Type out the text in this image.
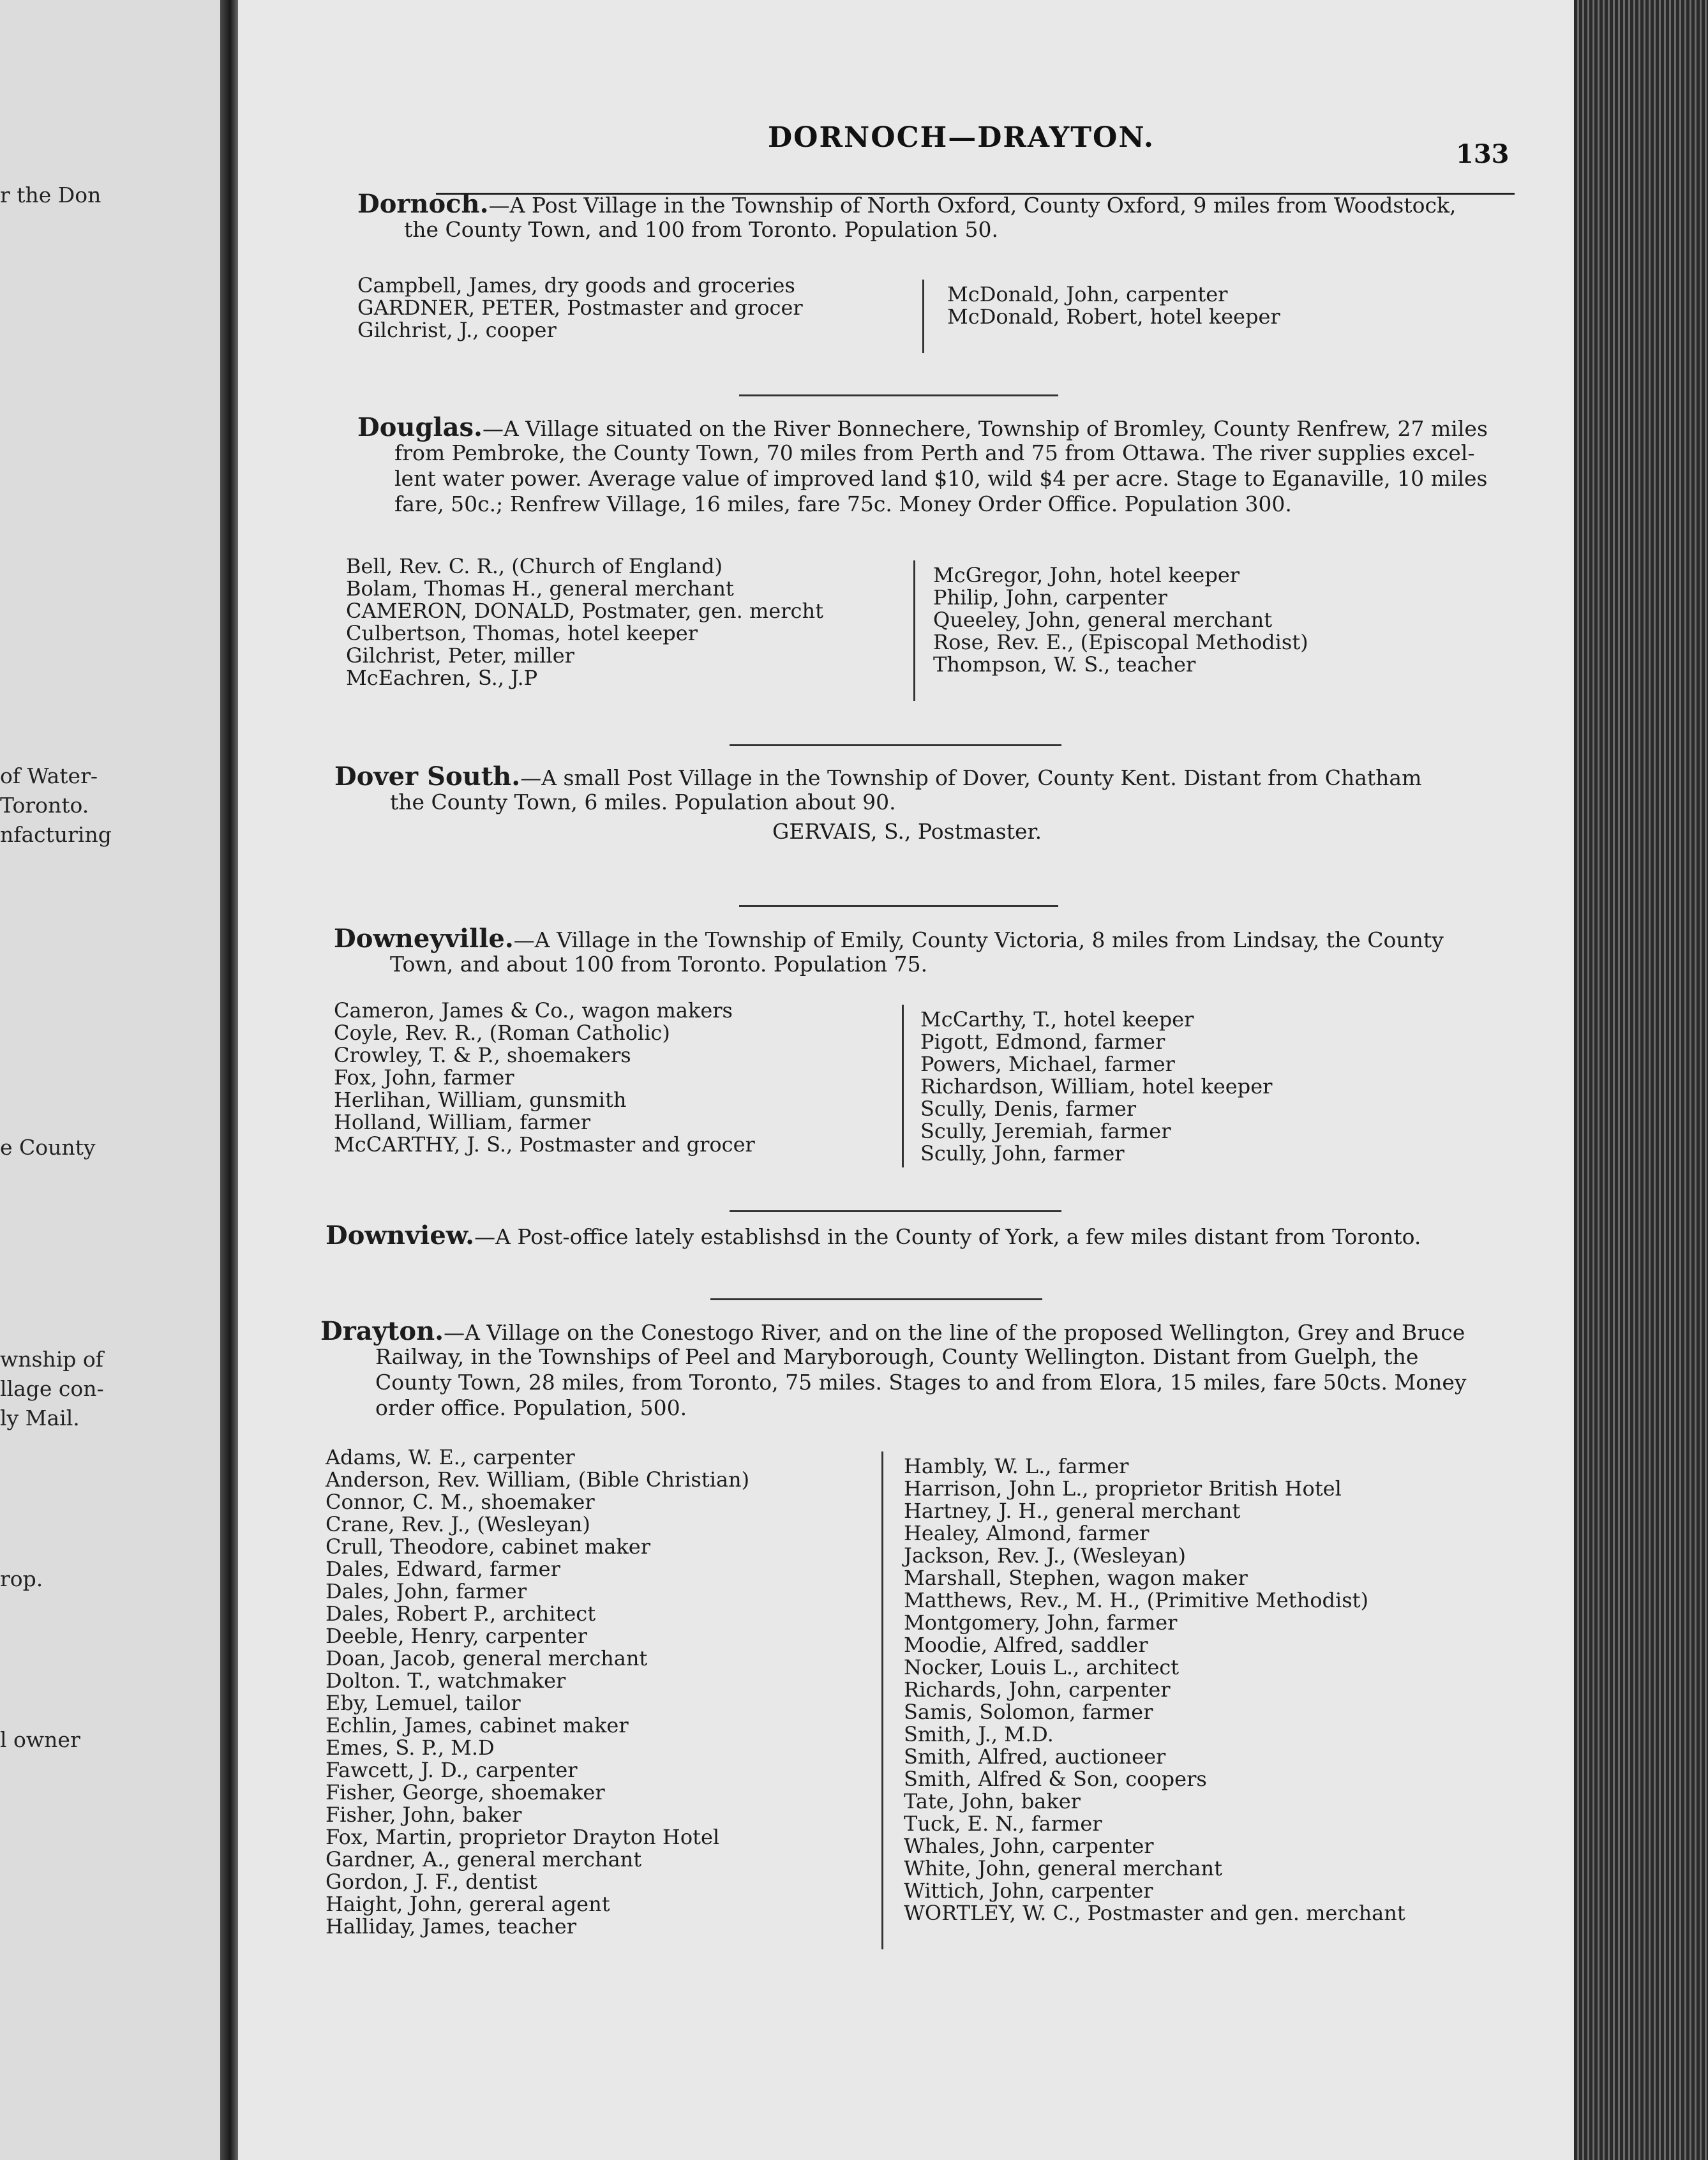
r the Don
of Water-
Toronto.
nfacturing
e County
wnship of
llage con-
ly Mail.
rop.
l owner
DORNOCH—DRAYTON.
133
Dornoch.—A Post Village in the Township of North Oxford, County Oxford, 9 miles from Woodstock,
the County Town, and 100 from Toronto. Population 50.
Campbell, James, dry goods and groceries
GARDNER, PETER, Postmaster and grocer
Gilchrist, J., cooper
McDonald, John, carpenter
McDonald, Robert, hotel keeper
Douglas.—A Village situated on the River Bonnechere, Township of Bromley, County Renfrew, 27 miles
from Pembroke, the County Town, 70 miles from Perth and 75 from Ottawa. The river supplies excel-
lent water power. Average value of improved land $10, wild $4 per acre. Stage to Eganaville, 10 miles
fare, 50c.; Renfrew Village, 16 miles, fare 75c. Money Order Office. Population 300.
Bell, Rev. C. R., (Church of England)
Bolam, Thomas H., general merchant
CAMERON, DONALD, Postmater, gen. mercht
Culbertson, Thomas, hotel keeper
Gilchrist, Peter, miller
McEachren, S., J.P
McGregor, John, hotel keeper
Philip, John, carpenter
Queeley, John, general merchant
Rose, Rev. E., (Episcopal Methodist)
Thompson, W. S., teacher
Dover South.—A small Post Village in the Township of Dover, County Kent. Distant from Chatham
the County Town, 6 miles. Population about 90.
GERVAIS, S., Postmaster.
Downeyville.—A Village in the Township of Emily, County Victoria, 8 miles from Lindsay, the County
Town, and about 100 from Toronto. Population 75.
Cameron, James & Co., wagon makers
Coyle, Rev. R., (Roman Catholic)
Crowley, T. & P., shoemakers
Fox, John, farmer
Herlihan, William, gunsmith
Holland, William, farmer
McCARTHY, J. S., Postmaster and grocer
McCarthy, T., hotel keeper
Pigott, Edmond, farmer
Powers, Michael, farmer
Richardson, William, hotel keeper
Scully, Denis, farmer
Scully, Jeremiah, farmer
Scully, John, farmer
Downview.—A Post-office lately establishsd in the County of York, a few miles distant from Toronto.
Drayton.—A Village on the Conestogo River, and on the line of the proposed Wellington, Grey and Bruce
Railway, in the Townships of Peel and Maryborough, County Wellington. Distant from Guelph, the
County Town, 28 miles, from Toronto, 75 miles. Stages to and from Elora, 15 miles, fare 50cts. Money
order office. Population, 500.
Adams, W. E., carpenter
Anderson, Rev. William, (Bible Christian)
Connor, C. M., shoemaker
Crane, Rev. J., (Wesleyan)
Crull, Theodore, cabinet maker
Dales, Edward, farmer
Dales, John, farmer
Dales, Robert P., architect
Deeble, Henry, carpenter
Doan, Jacob, general merchant
Dolton. T., watchmaker
Eby, Lemuel, tailor
Echlin, James, cabinet maker
Emes, S. P., M.D
Fawcett, J. D., carpenter
Fisher, George, shoemaker
Fisher, John, baker
Fox, Martin, proprietor Drayton Hotel
Gardner, A., general merchant
Gordon, J. F., dentist
Haight, John, gereral agent
Halliday, James, teacher
Hambly, W. L., farmer
Harrison, John L., proprietor British Hotel
Hartney, J. H., general merchant
Healey, Almond, farmer
Jackson, Rev. J., (Wesleyan)
Marshall, Stephen, wagon maker
Matthews, Rev., M. H., (Primitive Methodist)
Montgomery, John, farmer
Moodie, Alfred, saddler
Nocker, Louis L., architect
Richards, John, carpenter
Samis, Solomon, farmer
Smith, J., M.D.
Smith, Alfred, auctioneer
Smith, Alfred & Son, coopers
Tate, John, baker
Tuck, E. N., farmer
Whales, John, carpenter
White, John, general merchant
Wittich, John, carpenter
WORTLEY, W. C., Postmaster and gen. merchant
